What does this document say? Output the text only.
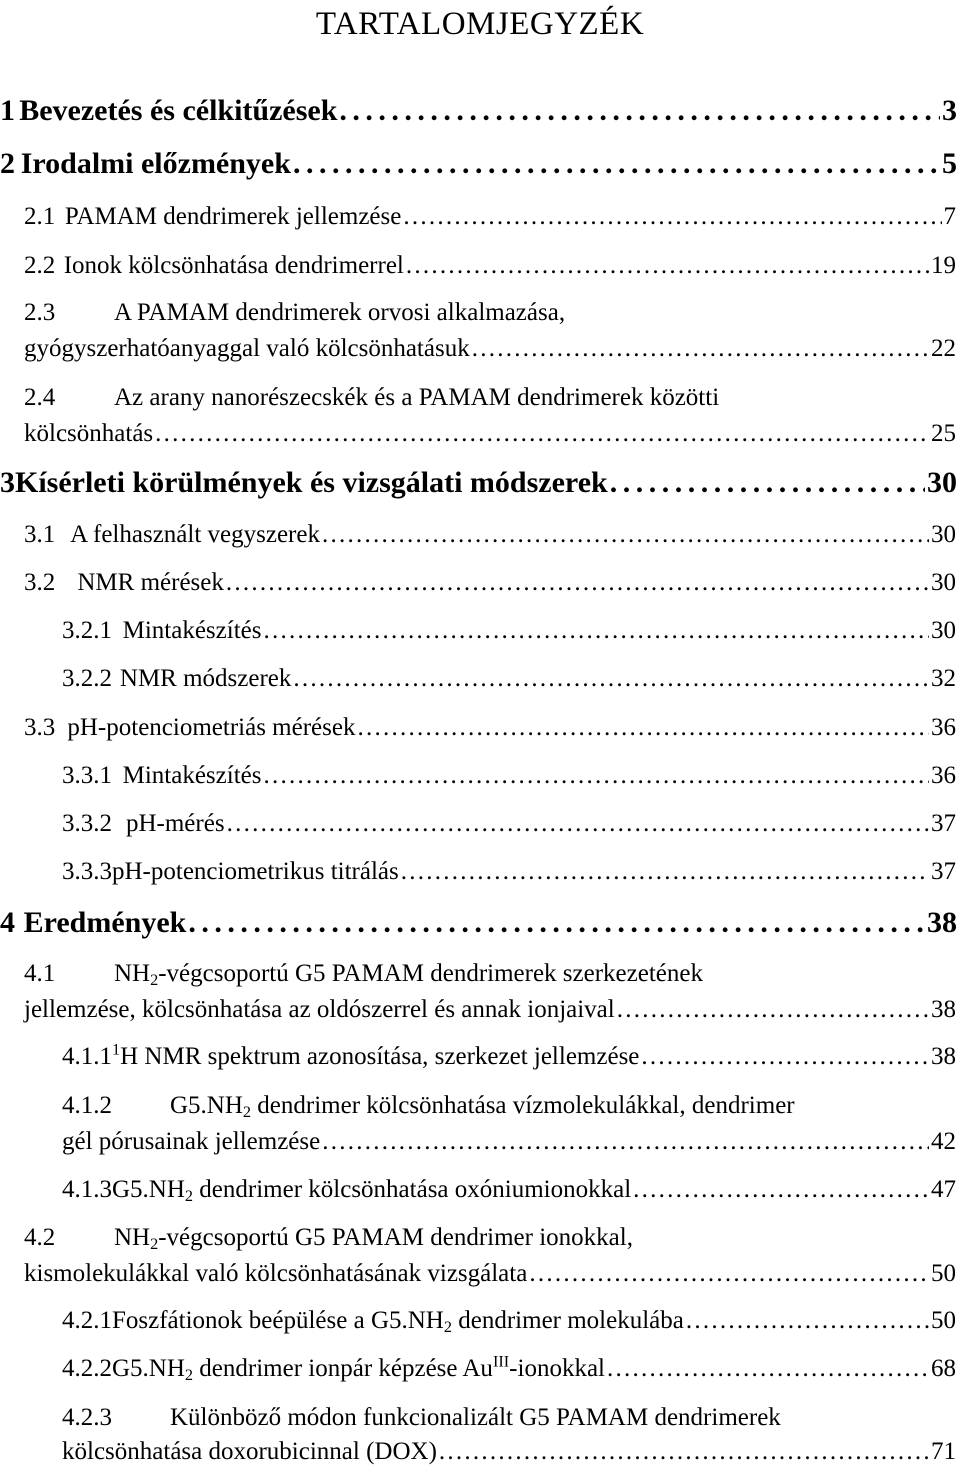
TARTALOMJEGYZÉK
1 Bevezetés és célkitűzések . . .	3
2 Irodalmi előzmények . . .	5
2.1 PAMAM dendrimerek jellemzése . . .	7
2.2 Ionok kölcsönhatása dendrimerrel . . .	19
2.3 A PAMAM dendrimerek orvosi alkalmazása,
gyógyszerhatóanyaggal való kölcsönhatásuk . . .	22
2.4 Az arany nanorészecskék és a PAMAM dendrimerek közötti
kölcsönhatás . . .	25
3 Kísérleti körülmények és vizsgálati módszerek . . .	30
3.1 A felhasznált vegyszerek . . .	30
3.2 NMR mérések . . .	30
3.2.1 Mintakészítés . . .	30
3.2.2 NMR módszerek . . .	32
3.3 pH-potenciometriás mérések . . .	36
3.3.1 Mintakészítés . . .	36
3.3.2 pH-mérés . . .	37
3.3.3 pH-potenciometrikus titrálás . . .	37
4 Eredmények . . .	38
4.1 $NH_2$-végcsoportú G5 PAMAM dendrimerek szerkezetének
jellemzése, kölcsönhatása az oldószerrel és annak ionjaival . . .	38
4.1.1 $^1$H NMR spektrum azonosítása, szerkezet jellemzése . . .	38
4.1.2 $G5.NH_2$ dendrimer kölcsönhatása vízmolekulákkal, dendrimer
gél pórusainak jellemzése . . .	42
4.1.3 $G5.NH_2$ dendrimer kölcsönhatása oxóniumionokkal . . .	47
4.2 $NH_2$-végcsoportú G5 PAMAM dendrimer ionokkal,
kismolekulákkal való kölcsönhatásának vizsgálata . . .	50
4.2.1 Foszfátionok beépülése a $G5.NH_2$ dendrimer molekulába . . .	50
4.2.2 $G5.NH_2$ dendrimer ionpár képzése $Au^{III}$-ionokkal . . .	68
4.2.3 Különböző módon funkcionalizált G5 PAMAM dendrimerek
kölcsönhatása doxorubicinnal (DOX) . . .	71
